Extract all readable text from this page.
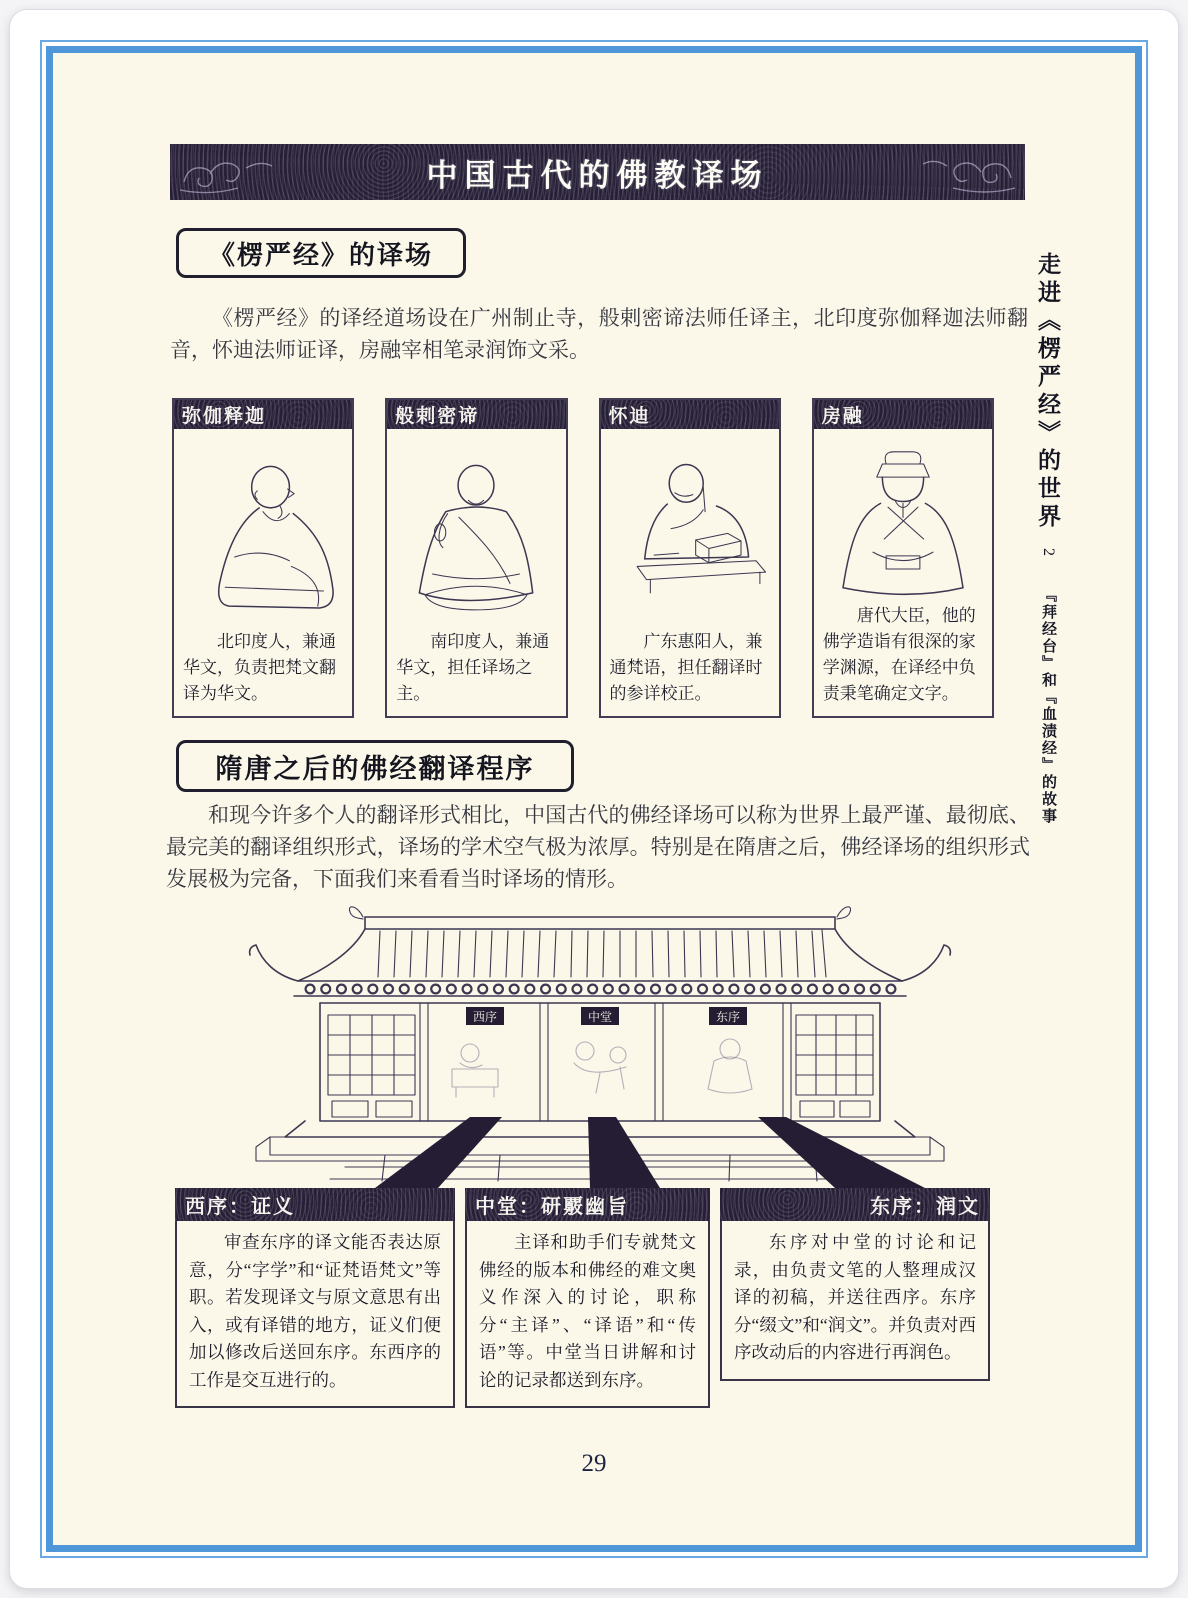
中国古代的佛教译场
《楞严经》的译场	走进《楞严经》的世界 2 『拜经台』和『血渍经』的故事
《楞严经》的译经道场设在广州制止寺，般剌密谛法师任译主，北印度弥伽释迦法师翻音，怀迪法师证译，房融宰相笔录润饰文采。
弥伽释迦
北印度人，兼通华文，负责把梵文翻译为华文。
般剌密谛
南印度人，兼通华文，担任译场之主。
怀迪
广东惠阳人，兼通梵语，担任翻译时的参详校正。
房融
唐代大臣，他的佛学造诣有很深的家学渊源，在译经中负责秉笔确定文字。
隋唐之后的佛经翻译程序
和现今许多个人的翻译形式相比，中国古代的佛经译场可以称为世界上最严谨、最彻底、最完美的翻译组织形式，译场的学术空气极为浓厚。特别是在隋唐之后，佛经译场的组织形式发展极为完备，下面我们来看看当时译场的情形。
西序	中堂	东序
西序：证义
审查东序的译文能否表达原意，分“字学”和“证梵语梵文”等职。若发现译文与原文意思有出入，或有译错的地方，证义们便加以修改后送回东序。东西序的工作是交互进行的。
中堂：研覈幽旨
主译和助手们专就梵文佛经的版本和佛经的难文奥义作深入的讨论，职称分“主译”、“译语”和“传语”等。中堂当日讲解和讨论的记录都送到东序。
东序：润文
东序对中堂的讨论和记录，由负责文笔的人整理成汉译的初稿，并送往西序。东序分“缀文”和“润文”。并负责对西序改动后的内容进行再润色。
29
